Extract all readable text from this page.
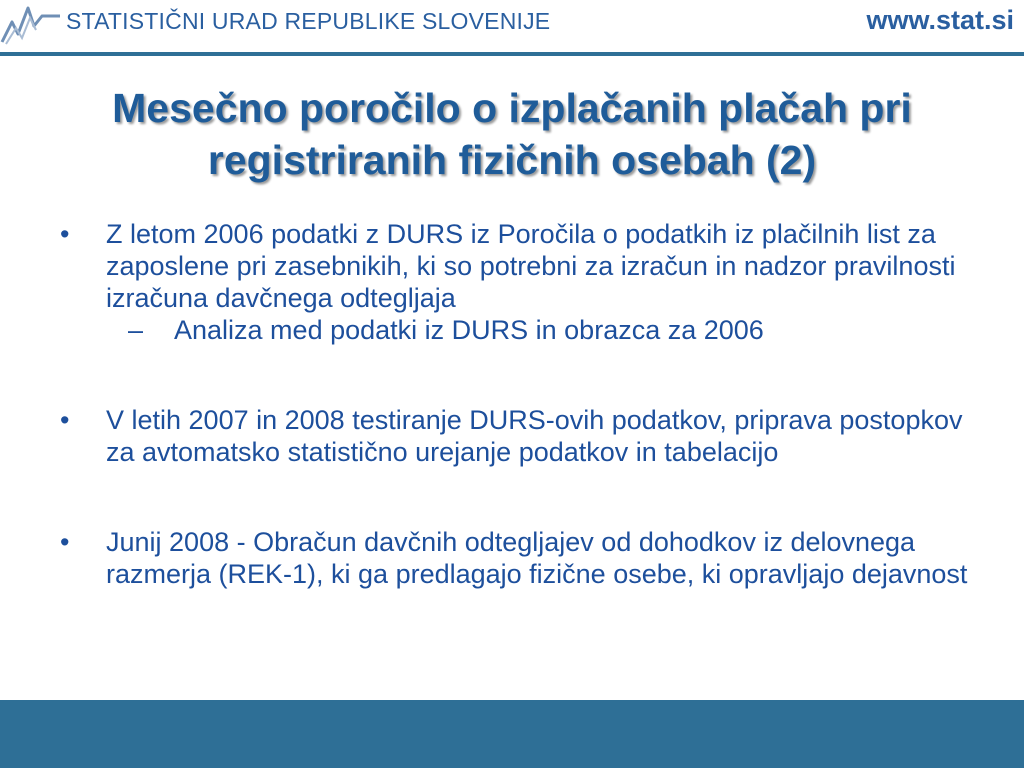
STATISTIČNI URAD REPUBLIKE SLOVENIJE	www.stat.si
Mesečno poročilo o izplačanih plačah pri
registriranih fizičnih osebah (2)

• Z letom 2006 podatki z DURS iz Poročila o podatkih iz plačilnih list za zaposlene pri zasebnikih, ki so potrebni za izračun in nadzor pravilnosti izračuna davčnega odtegljaja

– Analiza med podatki iz DURS in obrazca za 2006

• V letih 2007 in 2008 testiranje DURS-ovih podatkov, priprava postopkov za avtomatsko statistično urejanje podatkov in tabelacijo

• Junij 2008 - Obračun davčnih odtegljajev od dohodkov iz delovnega razmerja (REK-1), ki ga predlagajo fizične osebe, ki opravljajo dejavnost
